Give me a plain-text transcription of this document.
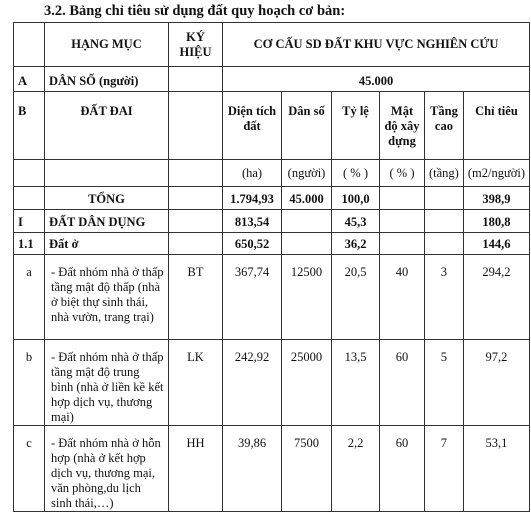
3.2. Bảng chỉ tiêu sử dụng đất quy hoạch cơ bản:
	HẠNG MỤC	KÝ HIỆU	CƠ CẤU SD ĐẤT KHU VỰC NGHIÊN CỨU					
A	DÂN SỐ (người)		45.000					
B	ĐẤT ĐAI		Diện tích đất	Dân số	Tỷ lệ	Mật độ xây dựng	Tầng cao	Chỉ tiêu
			(ha)	(người)	( % )	( % )	(tầng)	(m2/người)
	TỔNG		1.794,93	45.000	100,0			398,9
I	ĐẤT DÂN DỤNG		813,54		45,3			180,8
1.1	Đất ở		650,52		36,2			144,6
a	- Đất nhóm nhà ở thấp tầng mật độ thấp (nhà ở biệt thự sinh thái, nhà vườn, trang trại)	BT	367,74	12500	20,5	40	3	294,2
b	- Đất nhóm nhà ở thấp tầng mật độ trung bình (nhà ở liền kề kết hợp dịch vụ, thương mại)	LK	242,92	25000	13,5	60	5	97,2
c	- Đất nhóm nhà ở hỗn hợp (nhà ở kết hợp dịch vụ, thương mại, văn phòng,du lịch sinh thái,…)	HH	39,86	7500	2,2	60	7	53,1
